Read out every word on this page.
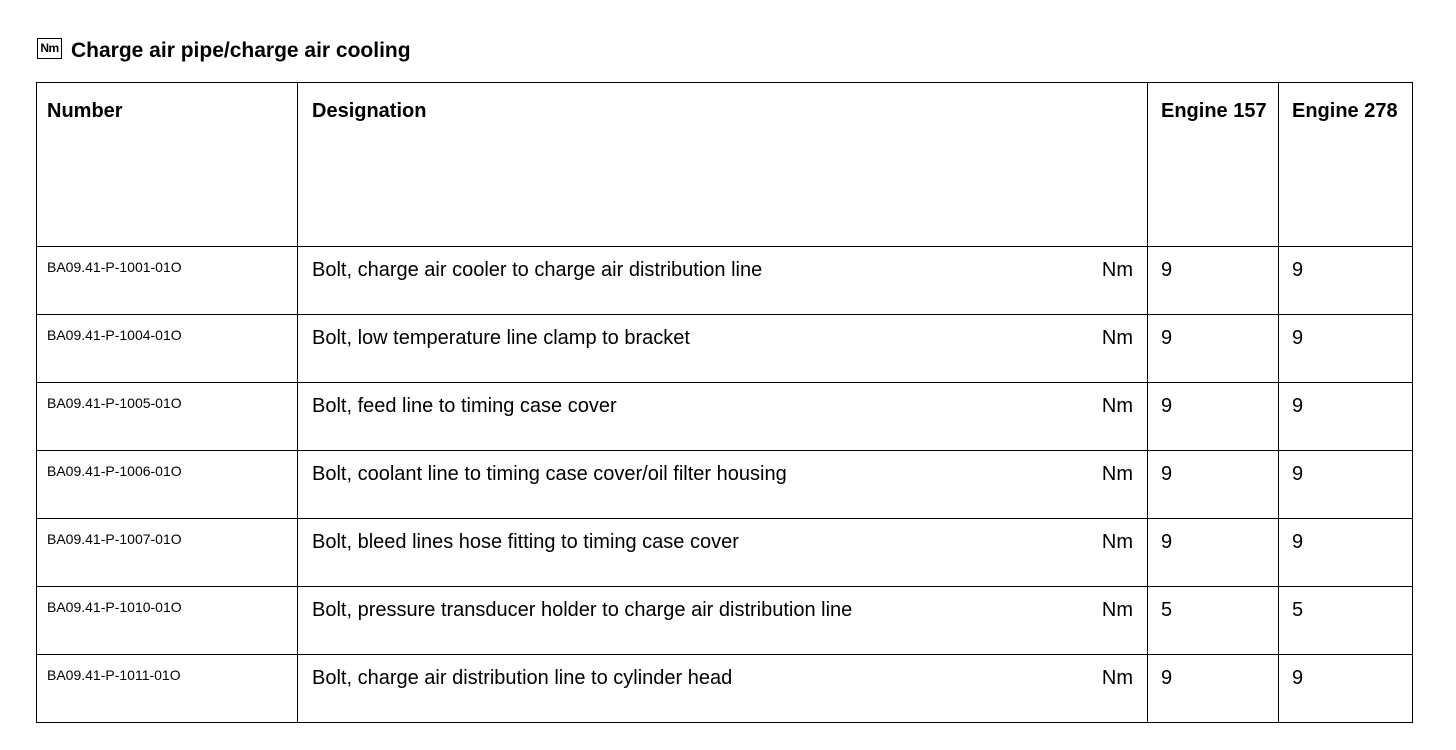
Nm Charge air pipe/charge air cooling
Number	Designation	Engine 157	Engine 278

BA09.41-P-1001-01O	Bolt, charge air cooler to charge air distribution line Nm	9	9

BA09.41-P-1004-01O	Bolt, low temperature line clamp to bracket Nm	9	9

BA09.41-P-1005-01O	Bolt, feed line to timing case cover Nm	9	9

BA09.41-P-1006-01O	Bolt, coolant line to timing case cover/oil filter housing Nm	9	9

BA09.41-P-1007-01O	Bolt, bleed lines hose fitting to timing case cover Nm	9	9

BA09.41-P-1010-01O	Bolt, pressure transducer holder to charge air distribution line Nm	5	5

BA09.41-P-1011-01O	Bolt, charge air distribution line to cylinder head Nm	9	9
